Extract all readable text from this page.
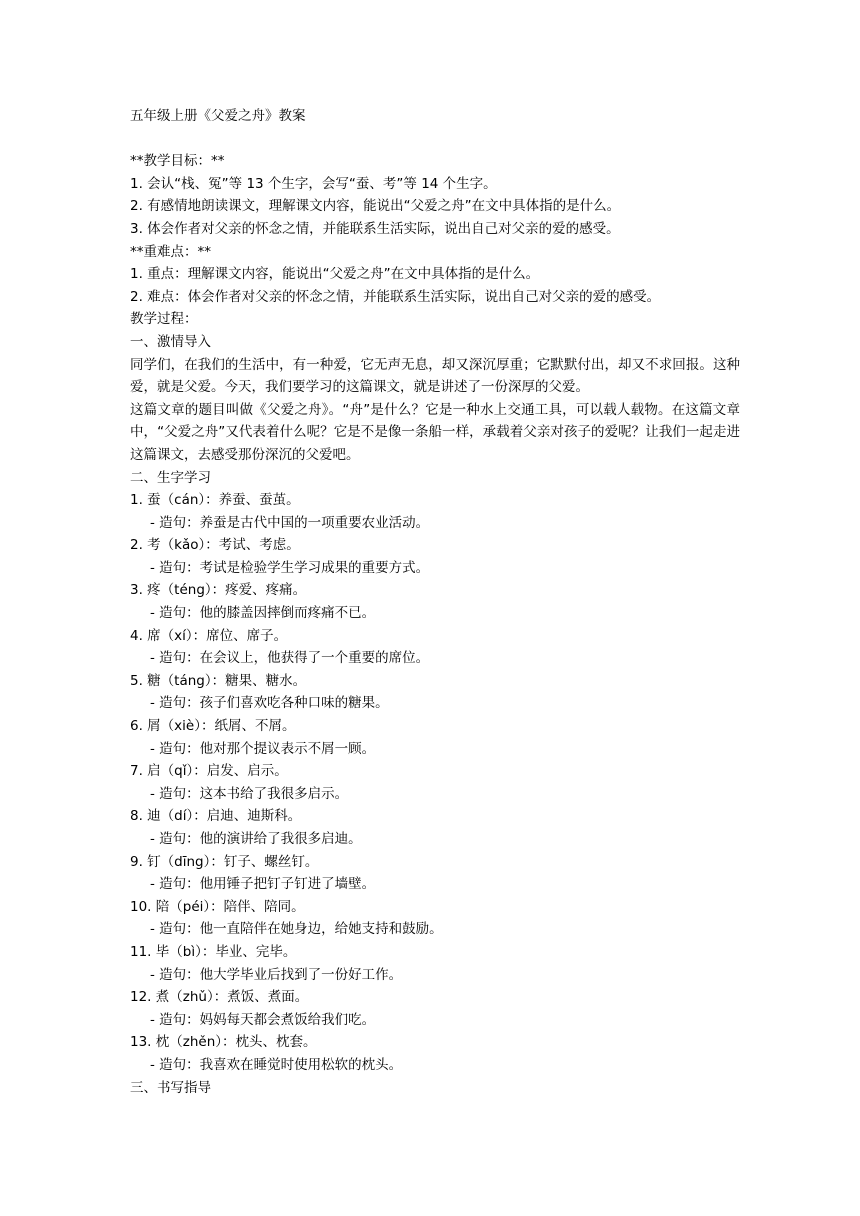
五年级上册《父爱之舟》教案
**教学目标：**
1. 会认“栈、冤”等 13 个生字，会写“蚕、考”等 14 个生字。
2. 有感情地朗读课文，理解课文内容，能说出“父爱之舟”在文中具体指的是什么。
3. 体会作者对父亲的怀念之情，并能联系生活实际，说出自己对父亲的爱的感受。
**重难点：**
1. 重点：理解课文内容，能说出“父爱之舟”在文中具体指的是什么。
2. 难点：体会作者对父亲的怀念之情，并能联系生活实际，说出自己对父亲的爱的感受。
教学过程：
一、激情导入
同学们，在我们的生活中，有一种爱，它无声无息，却又深沉厚重；它默默付出，却又不求回报。这种爱，就是父爱。今天，我们要学习的这篇课文，就是讲述了一份深厚的父爱。
这篇文章的题目叫做《父爱之舟》。“舟”是什么？它是一种水上交通工具，可以载人载物。在这篇文章中，“父爱之舟”又代表着什么呢？它是不是像一条船一样，承载着父亲对孩子的爱呢？让我们一起走进这篇课文，去感受那份深沉的父爱吧。
二、生字学习
1. 蚕（cán）：养蚕、蚕茧。
- 造句：养蚕是古代中国的一项重要农业活动。
2. 考（kǎo）：考试、考虑。
- 造句：考试是检验学生学习成果的重要方式。
3. 疼（téng）：疼爱、疼痛。
- 造句：他的膝盖因摔倒而疼痛不已。
4. 席（xí）：席位、席子。
- 造句：在会议上，他获得了一个重要的席位。
5. 糖（táng）：糖果、糖水。
- 造句：孩子们喜欢吃各种口味的糖果。
6. 屑（xiè）：纸屑、不屑。
- 造句：他对那个提议表示不屑一顾。
7. 启（qǐ）：启发、启示。
- 造句：这本书给了我很多启示。
8. 迪（dí）：启迪、迪斯科。
- 造句：他的演讲给了我很多启迪。
9. 钉（dīng）：钉子、螺丝钉。
- 造句：他用锤子把钉子钉进了墙壁。
10. 陪（péi）：陪伴、陪同。
- 造句：他一直陪伴在她身边，给她支持和鼓励。
11. 毕（bì）：毕业、完毕。
- 造句：他大学毕业后找到了一份好工作。
12. 煮（zhǔ）：煮饭、煮面。
- 造句：妈妈每天都会煮饭给我们吃。
13. 枕（zhěn）：枕头、枕套。
- 造句：我喜欢在睡觉时使用松软的枕头。
三、书写指导
